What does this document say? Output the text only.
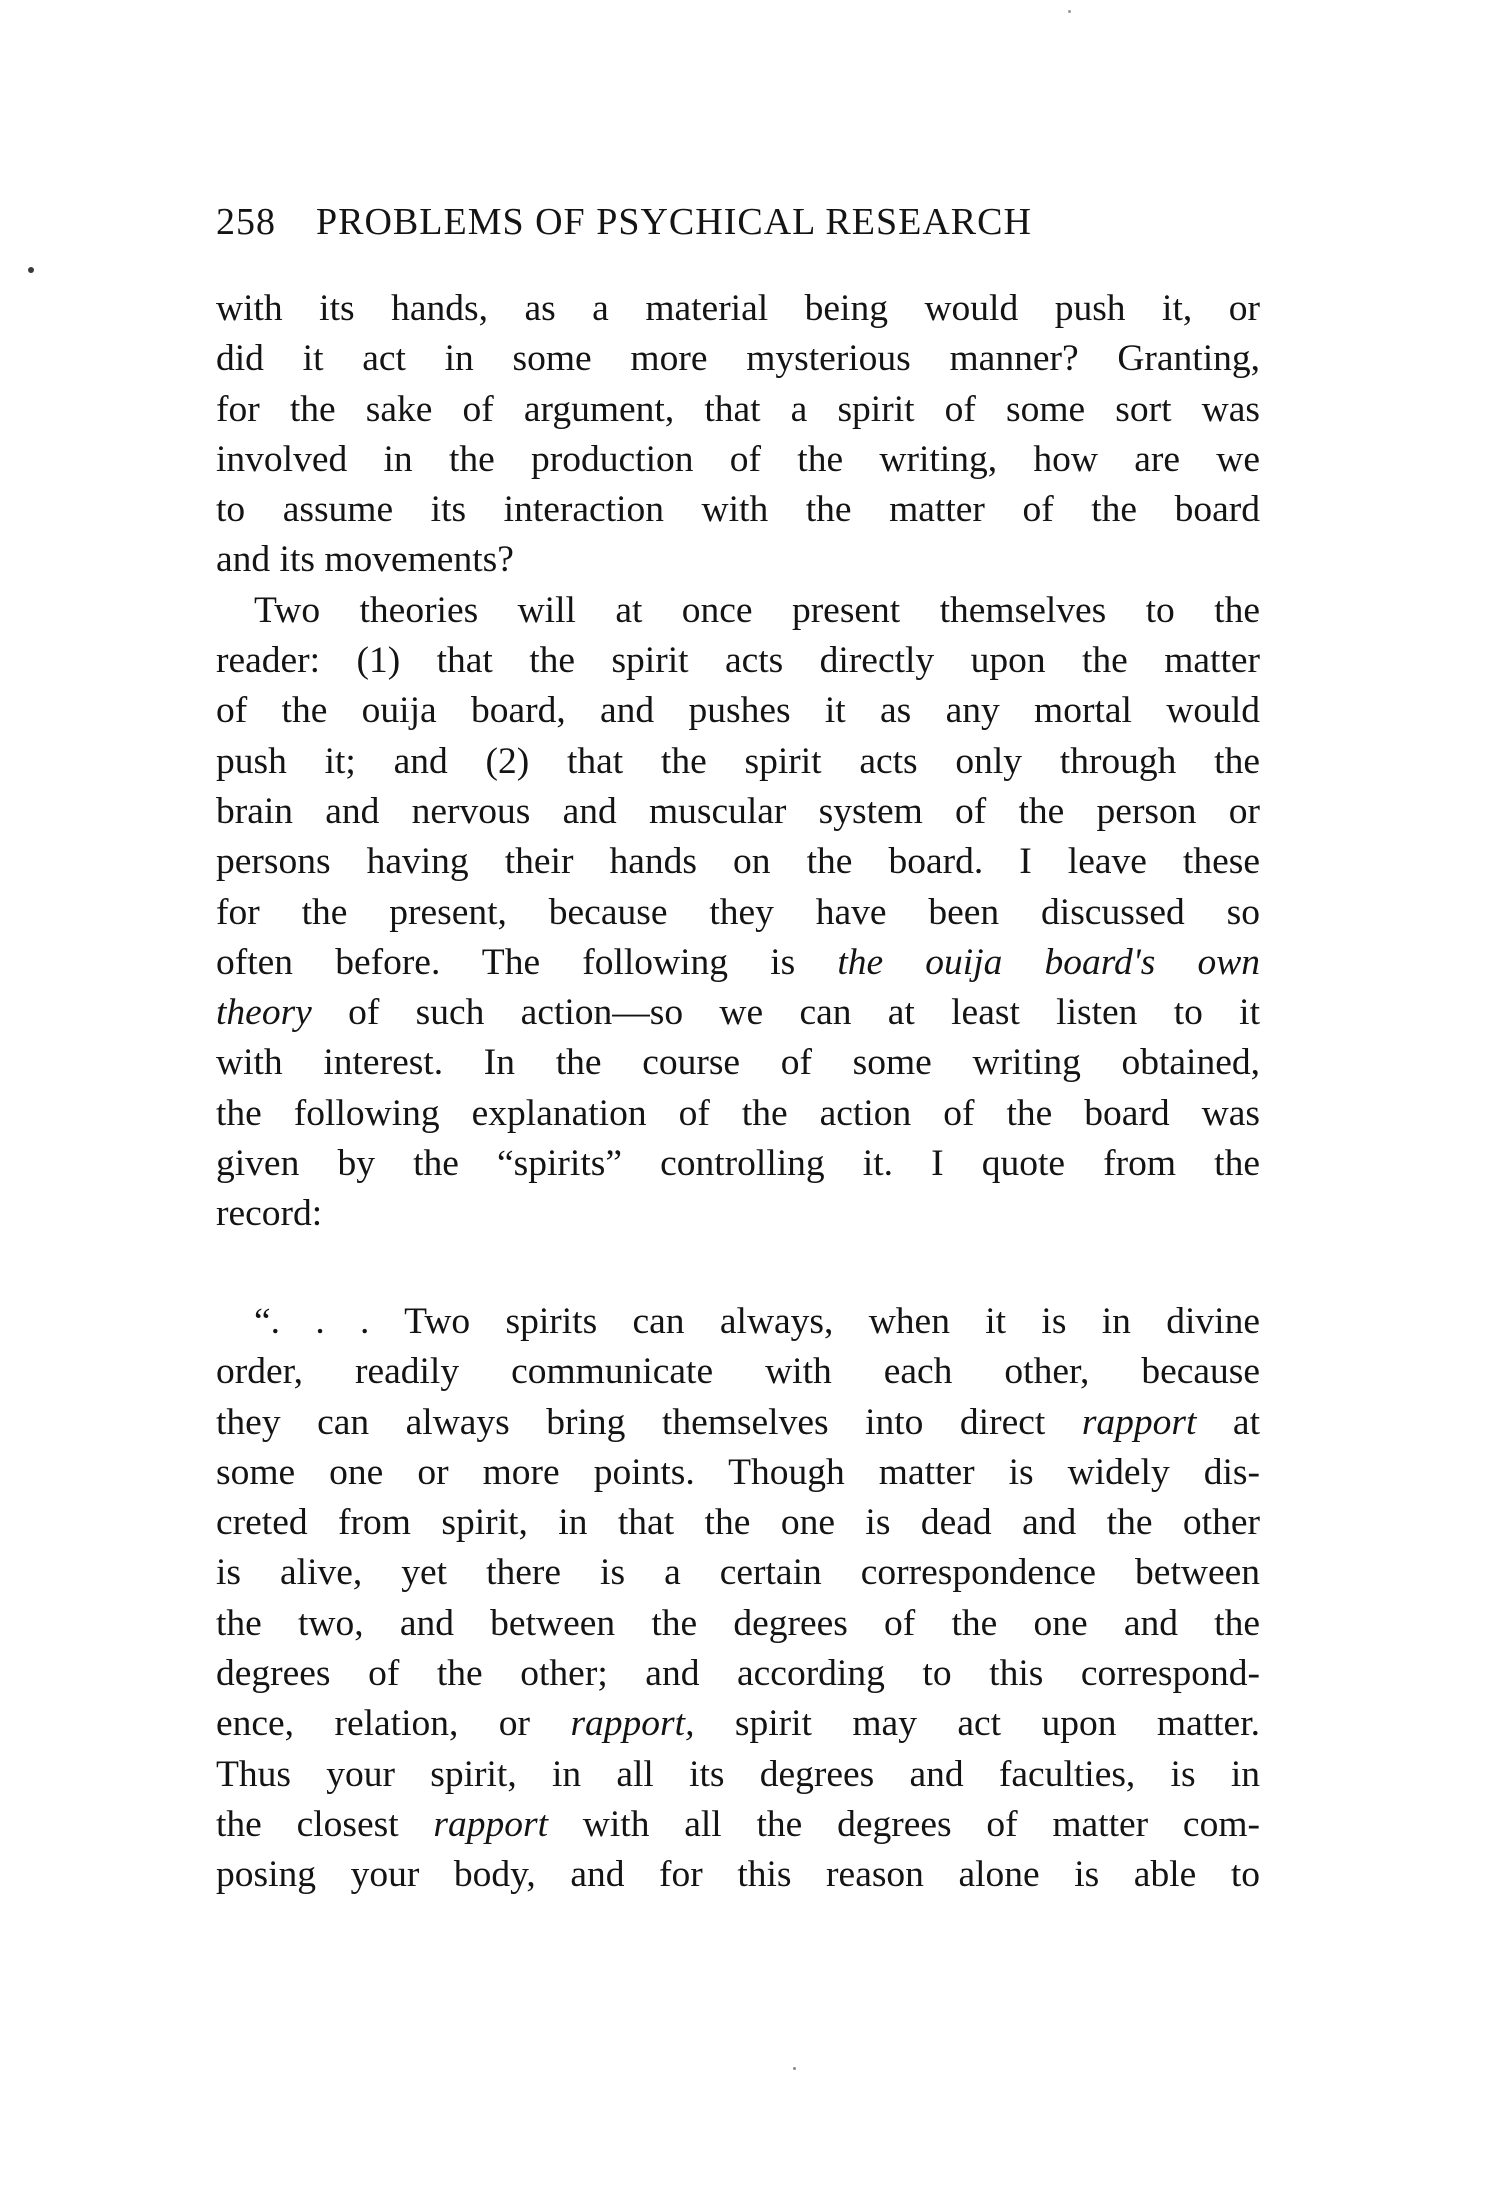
258 PROBLEMS OF PSYCHICAL RESEARCH
with its hands, as a material being would push it, or
did it act in some more mysterious manner? Granting,
for the sake of argument, that a spirit of some sort was
involved in the production of the writing, how are we
to assume its interaction with the matter of the board
and its movements?
Two theories will at once present themselves to the
reader: (1) that the spirit acts directly upon the matter
of the ouija board, and pushes it as any mortal would
push it; and (2) that the spirit acts only through the
brain and nervous and muscular system of the person or
persons having their hands on the board. I leave these
for the present, because they have been discussed so
often before. The following is the ouija board's own
theory of such action—so we can at least listen to it
with interest. In the course of some writing obtained,
the following explanation of the action of the board was
given by the “spirits” controlling it. I quote from the
record:
“. . . Two spirits can always, when it is in divine
order, readily communicate with each other, because
they can always bring themselves into direct rapport at
some one or more points. Though matter is widely dis-
creted from spirit, in that the one is dead and the other
is alive, yet there is a certain correspondence between
the two, and between the degrees of the one and the
degrees of the other; and according to this correspond-
ence, relation, or rapport, spirit may act upon matter.
Thus your spirit, in all its degrees and faculties, is in
the closest rapport with all the degrees of matter com-
posing your body, and for this reason alone is able to
